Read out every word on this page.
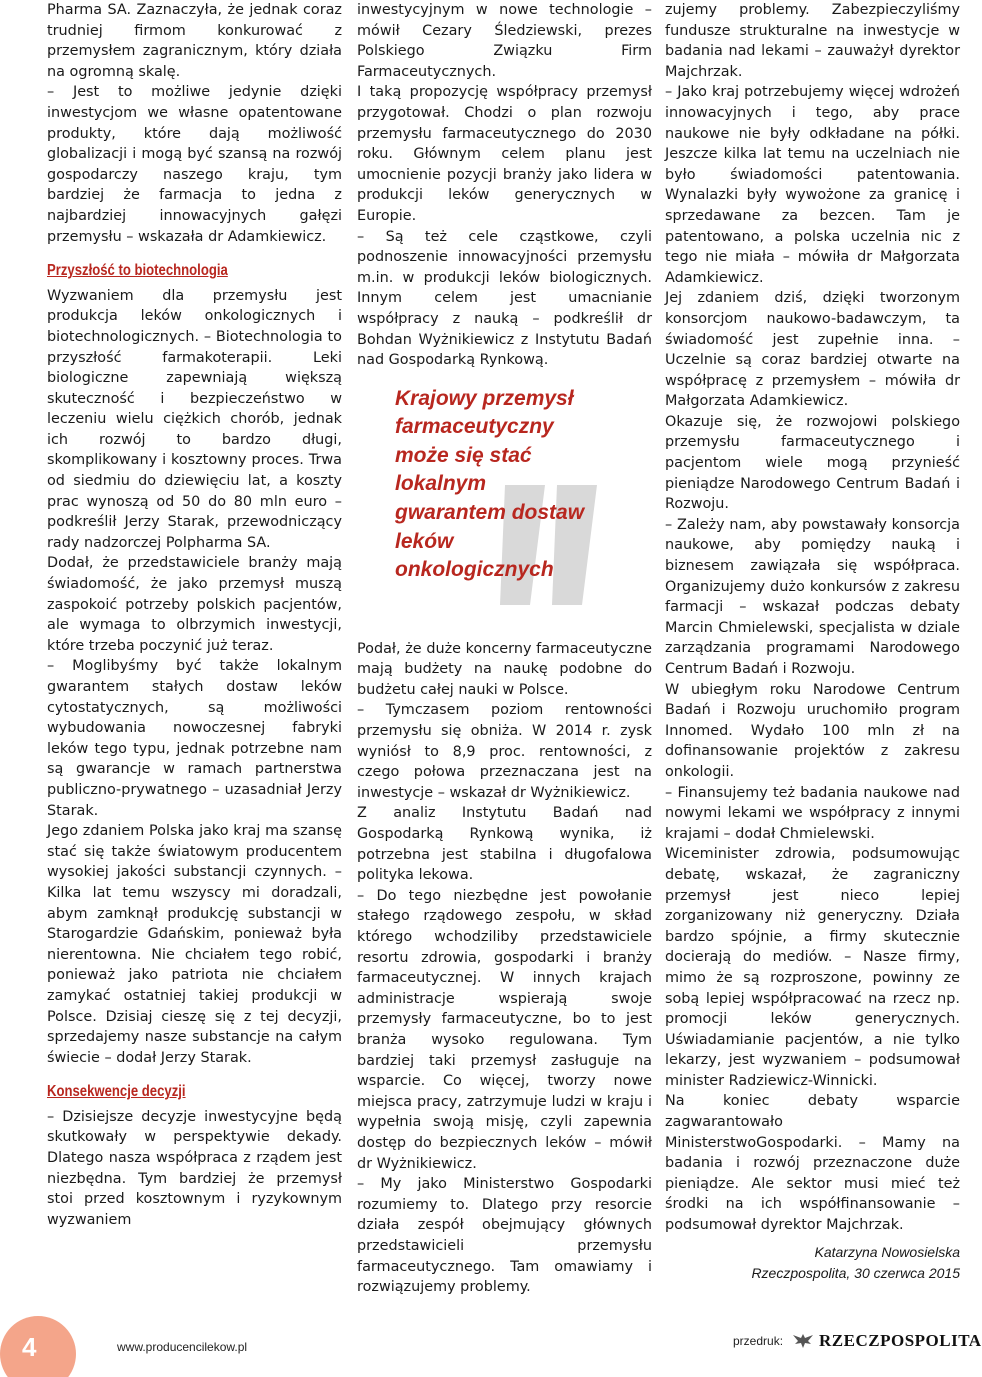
Pharma SA. Zaznaczyła, że jednak coraz trudniej firmom konkurować z przemysłem zagranicznym, który działa na ogromną skalę.

– Jest to możliwe jedynie dzięki inwestycjom we własne opatentowane produkty, które dają możliwość globalizacji i mogą być szansą na rozwój gospodarczy naszego kraju, tym bardziej że farmacja to jedna z najbardziej innowacyjnych gałęzi przemysłu – wskazała dr Adamkiewicz.

Przyszłość to biotechnologia

Wyzwaniem dla przemysłu jest produkcja leków onkologicznych i biotechnologicznych. – Biotechnologia to przyszłość farmakoterapii. Leki biologiczne zapewniają większą skuteczność i bezpieczeństwo w leczeniu wielu ciężkich chorób, jednak ich rozwój to bardzo długi, skomplikowany i kosztowny proces. Trwa od siedmiu do dziewięciu lat, a koszty prac wynoszą od 50 do 80 mln euro – podkreślił Jerzy Starak, przewodniczący rady nadzorczej Polpharma SA.

Dodał, że przedstawiciele branży mają świadomość, że jako przemysł muszą zaspokoić potrzeby polskich pacjentów, ale wymaga to olbrzymich inwestycji, które trzeba poczynić już teraz.

– Moglibyśmy być także lokalnym gwarantem stałych dostaw leków cytostatycznych, są możliwości wybudowania nowoczesnej fabryki leków tego typu, jednak potrzebne nam są gwarancje w ramach partnerstwa publiczno-prywatnego – uzasadniał Jerzy Starak.

Jego zdaniem Polska jako kraj ma szansę stać się także światowym producentem wysokiej jakości substancji czynnych. – Kilka lat temu wszyscy mi doradzali, abym zamknął produkcję substancji w Starogardzie Gdańskim, ponieważ była nierentowna. Nie chciałem tego robić, ponieważ jako patriota nie chciałem zamykać ostatniej takiej produkcji w Polsce. Dzisiaj cieszę się z tej decyzji, sprzedajemy nasze substancje na całym świecie – dodał Jerzy Starak.

Konsekwencje decyzji

– Dzisiejsze decyzje inwestycyjne będą skutkowały w perspektywie dekady. Dlatego nasza współpraca z rządem jest niezbędna. Tym bardziej że przemysł stoi przed kosztownym i ryzykownym wyzwaniem

inwestycyjnym w nowe technologie – mówił Cezary Śledziewski, prezes Polskiego Związku Firm Farmaceutycznych.

I taką propozycję współpracy przemysł przygotował. Chodzi o plan rozwoju przemysłu farmaceutycznego do 2030 roku. Głównym celem planu jest umocnienie pozycji branży jako lidera w produkcji leków generycznych w Europie.

– Są też cele cząstkowe, czyli podnoszenie innowacyjności przemysłu m.in. w produkcji leków biologicznych. Innym celem jest umacnianie współpracy z nauką – podkreślił dr Bohdan Wyżnikiewicz z Instytutu Badań nad Gospodarką Rynkową.

Krajowy przemysł
farmaceutyczny
może się stać
lokalnym
gwarantem dostaw
leków
onkologicznych

Podał, że duże koncerny farmaceutyczne mają budżety na naukę podobne do budżetu całej nauki w Polsce.

– Tymczasem poziom rentowności przemysłu się obniża. W 2014 r. zysk wyniósł to 8,9 proc. rentowności, z czego połowa przeznaczana jest na inwestycje – wskazał dr Wyżnikiewicz.

Z analiz Instytutu Badań nad Gospodarką Rynkową wynika, iż potrzebna jest stabilna i długofalowa polityka lekowa.

– Do tego niezbędne jest powołanie stałego rządowego zespołu, w skład którego wchodziliby przedstawiciele resortu zdrowia, gospodarki i branży farmaceutycznej. W innych krajach administracje wspierają swoje przemysły farmaceutyczne, bo to jest branża wysoko regulowana. Tym bardziej taki przemysł zasługuje na wsparcie. Co więcej, tworzy nowe miejsca pracy, zatrzymuje ludzi w kraju i wypełnia swoją misję, czyli zapewnia dostęp do bezpiecznych leków – mówił dr Wyżnikiewicz.

– My jako Ministerstwo Gospodarki rozumiemy to. Dlatego przy resorcie działa zespół obejmujący głównych przedstawicieli przemysłu farmaceutycznego. Tam omawiamy i rozwiązujemy problemy.

zujemy problemy. Zabezpieczyliśmy fundusze strukturalne na inwestycje w badania nad lekami – zauważył dyrektor Majchrzak.

– Jako kraj potrzebujemy więcej wdrożeń innowacyjnych i tego, aby prace naukowe nie były odkładane na półki. Jeszcze kilka lat temu na uczelniach nie było świadomości patentowania. Wynalazki były wywożone za granicę i sprzedawane za bezcen. Tam je patentowano, a polska uczelnia nic z tego nie miała – mówiła dr Małgorzata Adamkiewicz.

Jej zdaniem dziś, dzięki tworzonym konsorcjom naukowo-badawczym, ta świadomość jest zupełnie inna. – Uczelnie są coraz bardziej otwarte na współpracę z przemysłem – mówiła dr Małgorzata Adamkiewicz.

Okazuje się, że rozwojowi polskiego przemysłu farmaceutycznego i pacjentom wiele mogą przynieść pieniądze Narodowego Centrum Badań i Rozwoju.

– Zależy nam, aby powstawały konsorcja naukowe, aby pomiędzy nauką i biznesem zawiązała się współpraca. Organizujemy dużo konkursów z zakresu farmacji – wskazał podczas debaty Marcin Chmielewski, specjalista w dziale zarządzania programami Narodowego Centrum Badań i Rozwoju.

W ubiegłym roku Narodowe Centrum Badań i Rozwoju uruchomiło program Innomed. Wydało 100 mln zł na dofinansowanie projektów z zakresu onkologii.

– Finansujemy też badania naukowe nad nowymi lekami we współpracy z innymi krajami – dodał Chmielewski.

Wiceminister zdrowia, podsumowując debatę, wskazał, że zagraniczny przemysł jest nieco lepiej zorganizowany niż generyczny. Działa bardzo spójnie, a firmy skutecznie docierają do mediów. – Nasze firmy, mimo że są rozproszone, powinny ze sobą lepiej współpracować na rzecz np. promocji leków generycznych. Uświadamianie pacjentów, a nie tylko lekarzy, jest wyzwaniem – podsumował minister Radziewicz-Winnicki.

Na koniec debaty wsparcie zagwarantowało MinisterstwoGospodarki. – Mamy na badania i rozwój przeznaczone duże pieniądze. Ale sektor musi mieć też środki na ich współfinansowanie – podsumował dyrektor Majchrzak.

Katarzyna Nowosielska
Rzeczpospolita, 30 czerwca 2015
4	www.producencilekow.pl	przedruk: RZECZPOSPOLITA
